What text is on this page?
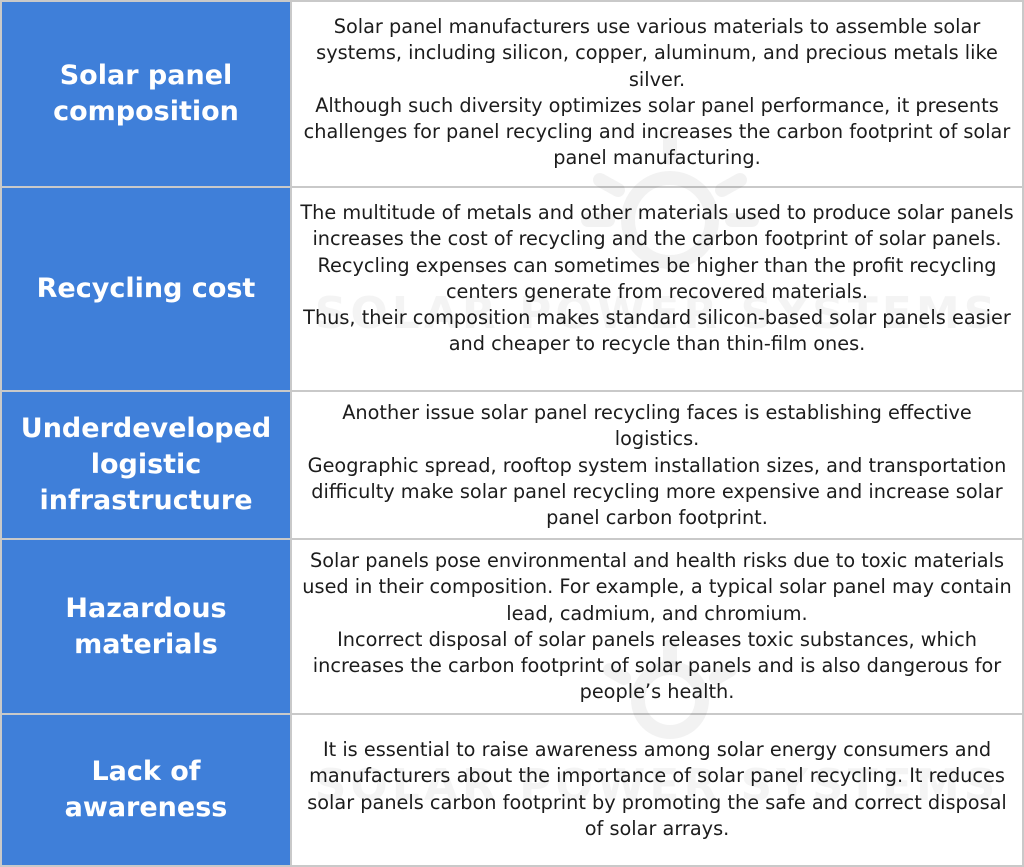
Solar panel composition

Solar panel manufacturers use various materials to assemble solar systems, including silicon, copper, aluminum, and precious metals like silver.

Although such diversity optimizes solar panel performance, it presents challenges for panel recycling and increases the carbon footprint of solar panel manufacturing.

Recycling cost

The multitude of metals and other materials used to produce solar panels increases the cost of recycling and the carbon footprint of solar panels. Recycling expenses can sometimes be higher than the profit recycling centers generate from recovered materials.

Thus, their composition makes standard silicon-based solar panels easier and cheaper to recycle than thin-film ones.

Underdeveloped logistic infrastructure

Another issue solar panel recycling faces is establishing effective logistics.

Geographic spread, rooftop system installation sizes, and transportation difficulty make solar panel recycling more expensive and increase solar panel carbon footprint.

Hazardous materials

Solar panels pose environmental and health risks due to toxic materials used in their composition. For example, a typical solar panel may contain lead, cadmium, and chromium.

Incorrect disposal of solar panels releases toxic substances, which increases the carbon footprint of solar panels and is also dangerous for people’s health.

Lack of awareness

It is essential to raise awareness among solar energy consumers and manufacturers about the importance of solar panel recycling. It reduces solar panels carbon footprint by promoting the safe and correct disposal of solar arrays.
